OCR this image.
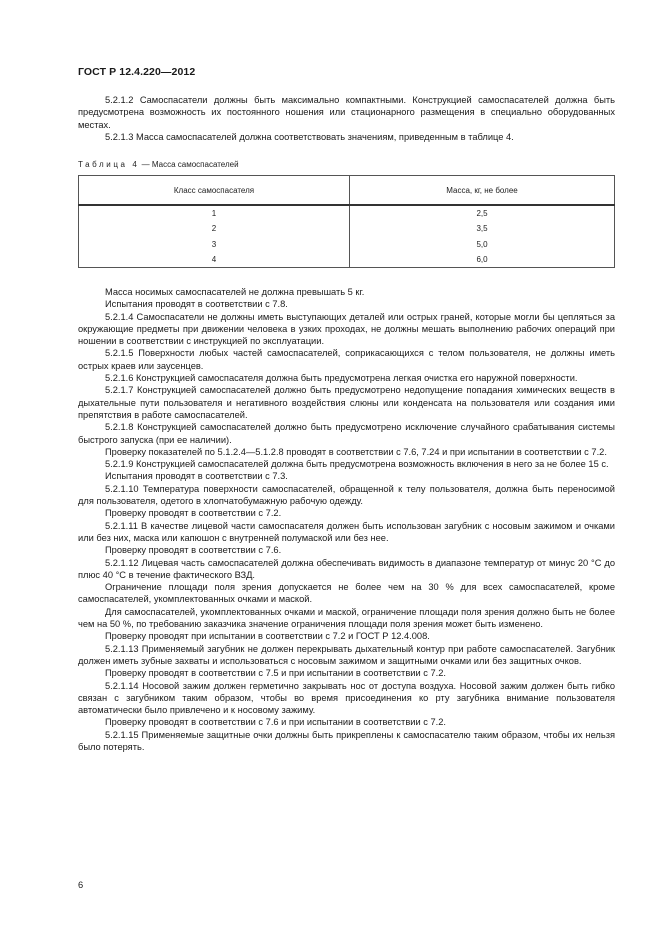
ГОСТ Р 12.4.220—2012

5.2.1.2 Самоспасатели должны быть максимально компактными. Конструкцией самоспасателей должна быть предусмотрена возможность их постоянного ношения или стационарного размещения в специально оборудованных местах.

5.2.1.3 Масса самоспасателей должна соответствовать значениям, приведенным в таблице 4.

Таблица 4 — Масса самоспасателей
Класс самоспасателя	Масса, кг, не более
1	2,5
2	3,5
3	5,0
4	6,0

Масса носимых самоспасателей не должна превышать 5 кг.

Испытания проводят в соответствии с 7.8.

5.2.1.4 Самоспасатели не должны иметь выступающих деталей или острых граней, которые могли бы цепляться за окружающие предметы при движении человека в узких проходах, не должны мешать выполнению рабочих операций при ношении в соответствии с инструкцией по эксплуатации.

5.2.1.5 Поверхности любых частей самоспасателей, соприкасающихся с телом пользователя, не должны иметь острых краев или заусенцев.

5.2.1.6 Конструкцией самоспасателя должна быть предусмотрена легкая очистка его наружной поверхности.

5.2.1.7 Конструкцией самоспасателей должно быть предусмотрено недопущение попадания химических веществ в дыхательные пути пользователя и негативного воздействия слюны или конденсата на пользователя или создания ими препятствия в работе самоспасателей.

5.2.1.8 Конструкцией самоспасателей должно быть предусмотрено исключение случайного срабатывания системы быстрого запуска (при ее наличии).

Проверку показателей по 5.1.2.4—5.1.2.8 проводят в соответствии с 7.6, 7.24 и при испытании в соответствии с 7.2.

5.2.1.9 Конструкцией самоспасателей должна быть предусмотрена возможность включения в него за не более 15 с.

Испытания проводят в соответствии с 7.3.

5.2.1.10 Температура поверхности самоспасателей, обращенной к телу пользователя, должна быть переносимой для пользователя, одетого в хлопчатобумажную рабочую одежду.

Проверку проводят в соответствии с 7.2.

5.2.1.11 В качестве лицевой части самоспасателя должен быть использован загубник с носовым зажимом и очками или без них, маска или капюшон с внутренней полумаской или без нее.

Проверку проводят в соответствии с 7.6.

5.2.1.12 Лицевая часть самоспасателей должна обеспечивать видимость в диапазоне температур от минус 20 °С до плюс 40 °С в течение фактического ВЗД.

Ограничение площади поля зрения допускается не более чем на 30 % для всех самоспасателей, кроме самоспасателей, укомплектованных очками и маской.

Для самоспасателей, укомплектованных очками и маской, ограничение площади поля зрения должно быть не более чем на 50 %, по требованию заказчика значение ограничения площади поля зрения может быть изменено.

Проверку проводят при испытании в соответствии с 7.2 и ГОСТ Р 12.4.008.

5.2.1.13 Применяемый загубник не должен перекрывать дыхательный контур при работе самоспасателей. Загубник должен иметь зубные захваты и использоваться с носовым зажимом и защитными очками или без защитных очков.

Проверку проводят в соответствии с 7.5 и при испытании в соответствии с 7.2.

5.2.1.14 Носовой зажим должен герметично закрывать нос от доступа воздуха. Носовой зажим должен быть гибко связан с загубником таким образом, чтобы во время присоединения ко рту загубника внимание пользователя автоматически было привлечено и к носовому зажиму.

Проверку проводят в соответствии с 7.6 и при испытании в соответствии с 7.2.

5.2.1.15 Применяемые защитные очки должны быть прикреплены к самоспасателю таким образом, чтобы их нельзя было потерять.

6
